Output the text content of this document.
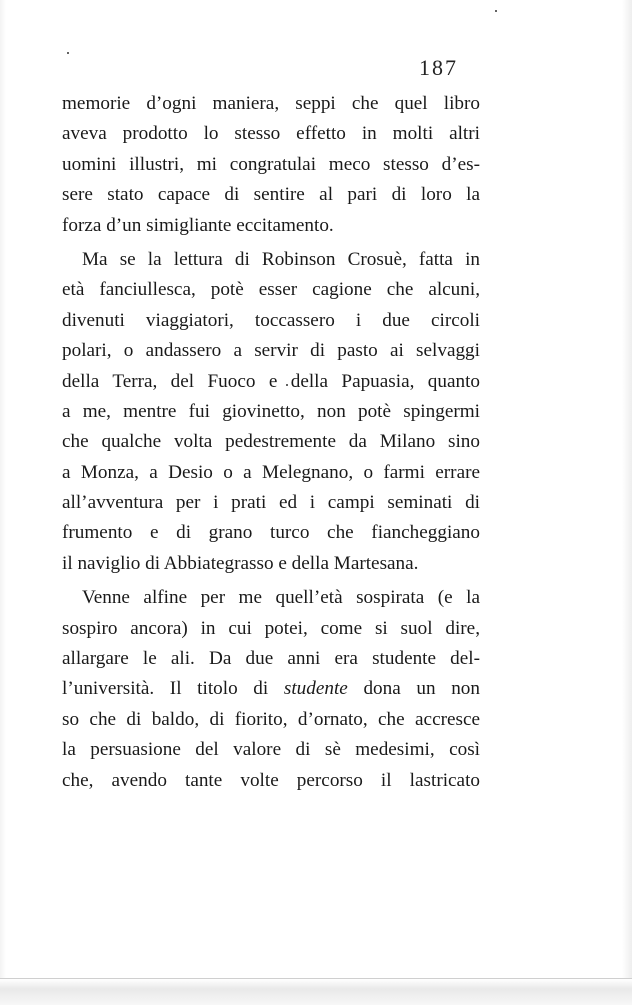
187
memorie d’ogni maniera, seppi che quel libro
aveva prodotto lo stesso effetto in molti altri
uomini illustri, mi congratulai meco stesso d’es-
sere stato capace di sentire al pari di loro la
forza d’un simigliante eccitamento.
Ma se la lettura di Robinson Crosuè, fatta in
età fanciullesca, potè esser cagione che alcuni,
divenuti viaggiatori, toccassero i due circoli
polari, o andassero a servir di pasto ai selvaggi
della Terra, del Fuoco e della Papuasia, quanto
a me, mentre fui giovinetto, non potè spingermi
che qualche volta pedestremente da Milano sino
a Monza, a Desio o a Melegnano, o farmi errare
all’avventura per i prati ed i campi seminati di
frumento e di grano turco che fiancheggiano
il naviglio di Abbiategrasso e della Martesana.
Venne alfine per me quell’età sospirata (e la
sospiro ancora) in cui potei, come si suol dire,
allargare le ali. Da due anni era studente del-
l’università. Il titolo di studente dona un non
so che di baldo, di fiorito, d’ornato, che accresce
la persuasione del valore di sè medesimi, così
che, avendo tante volte percorso il lastricato
